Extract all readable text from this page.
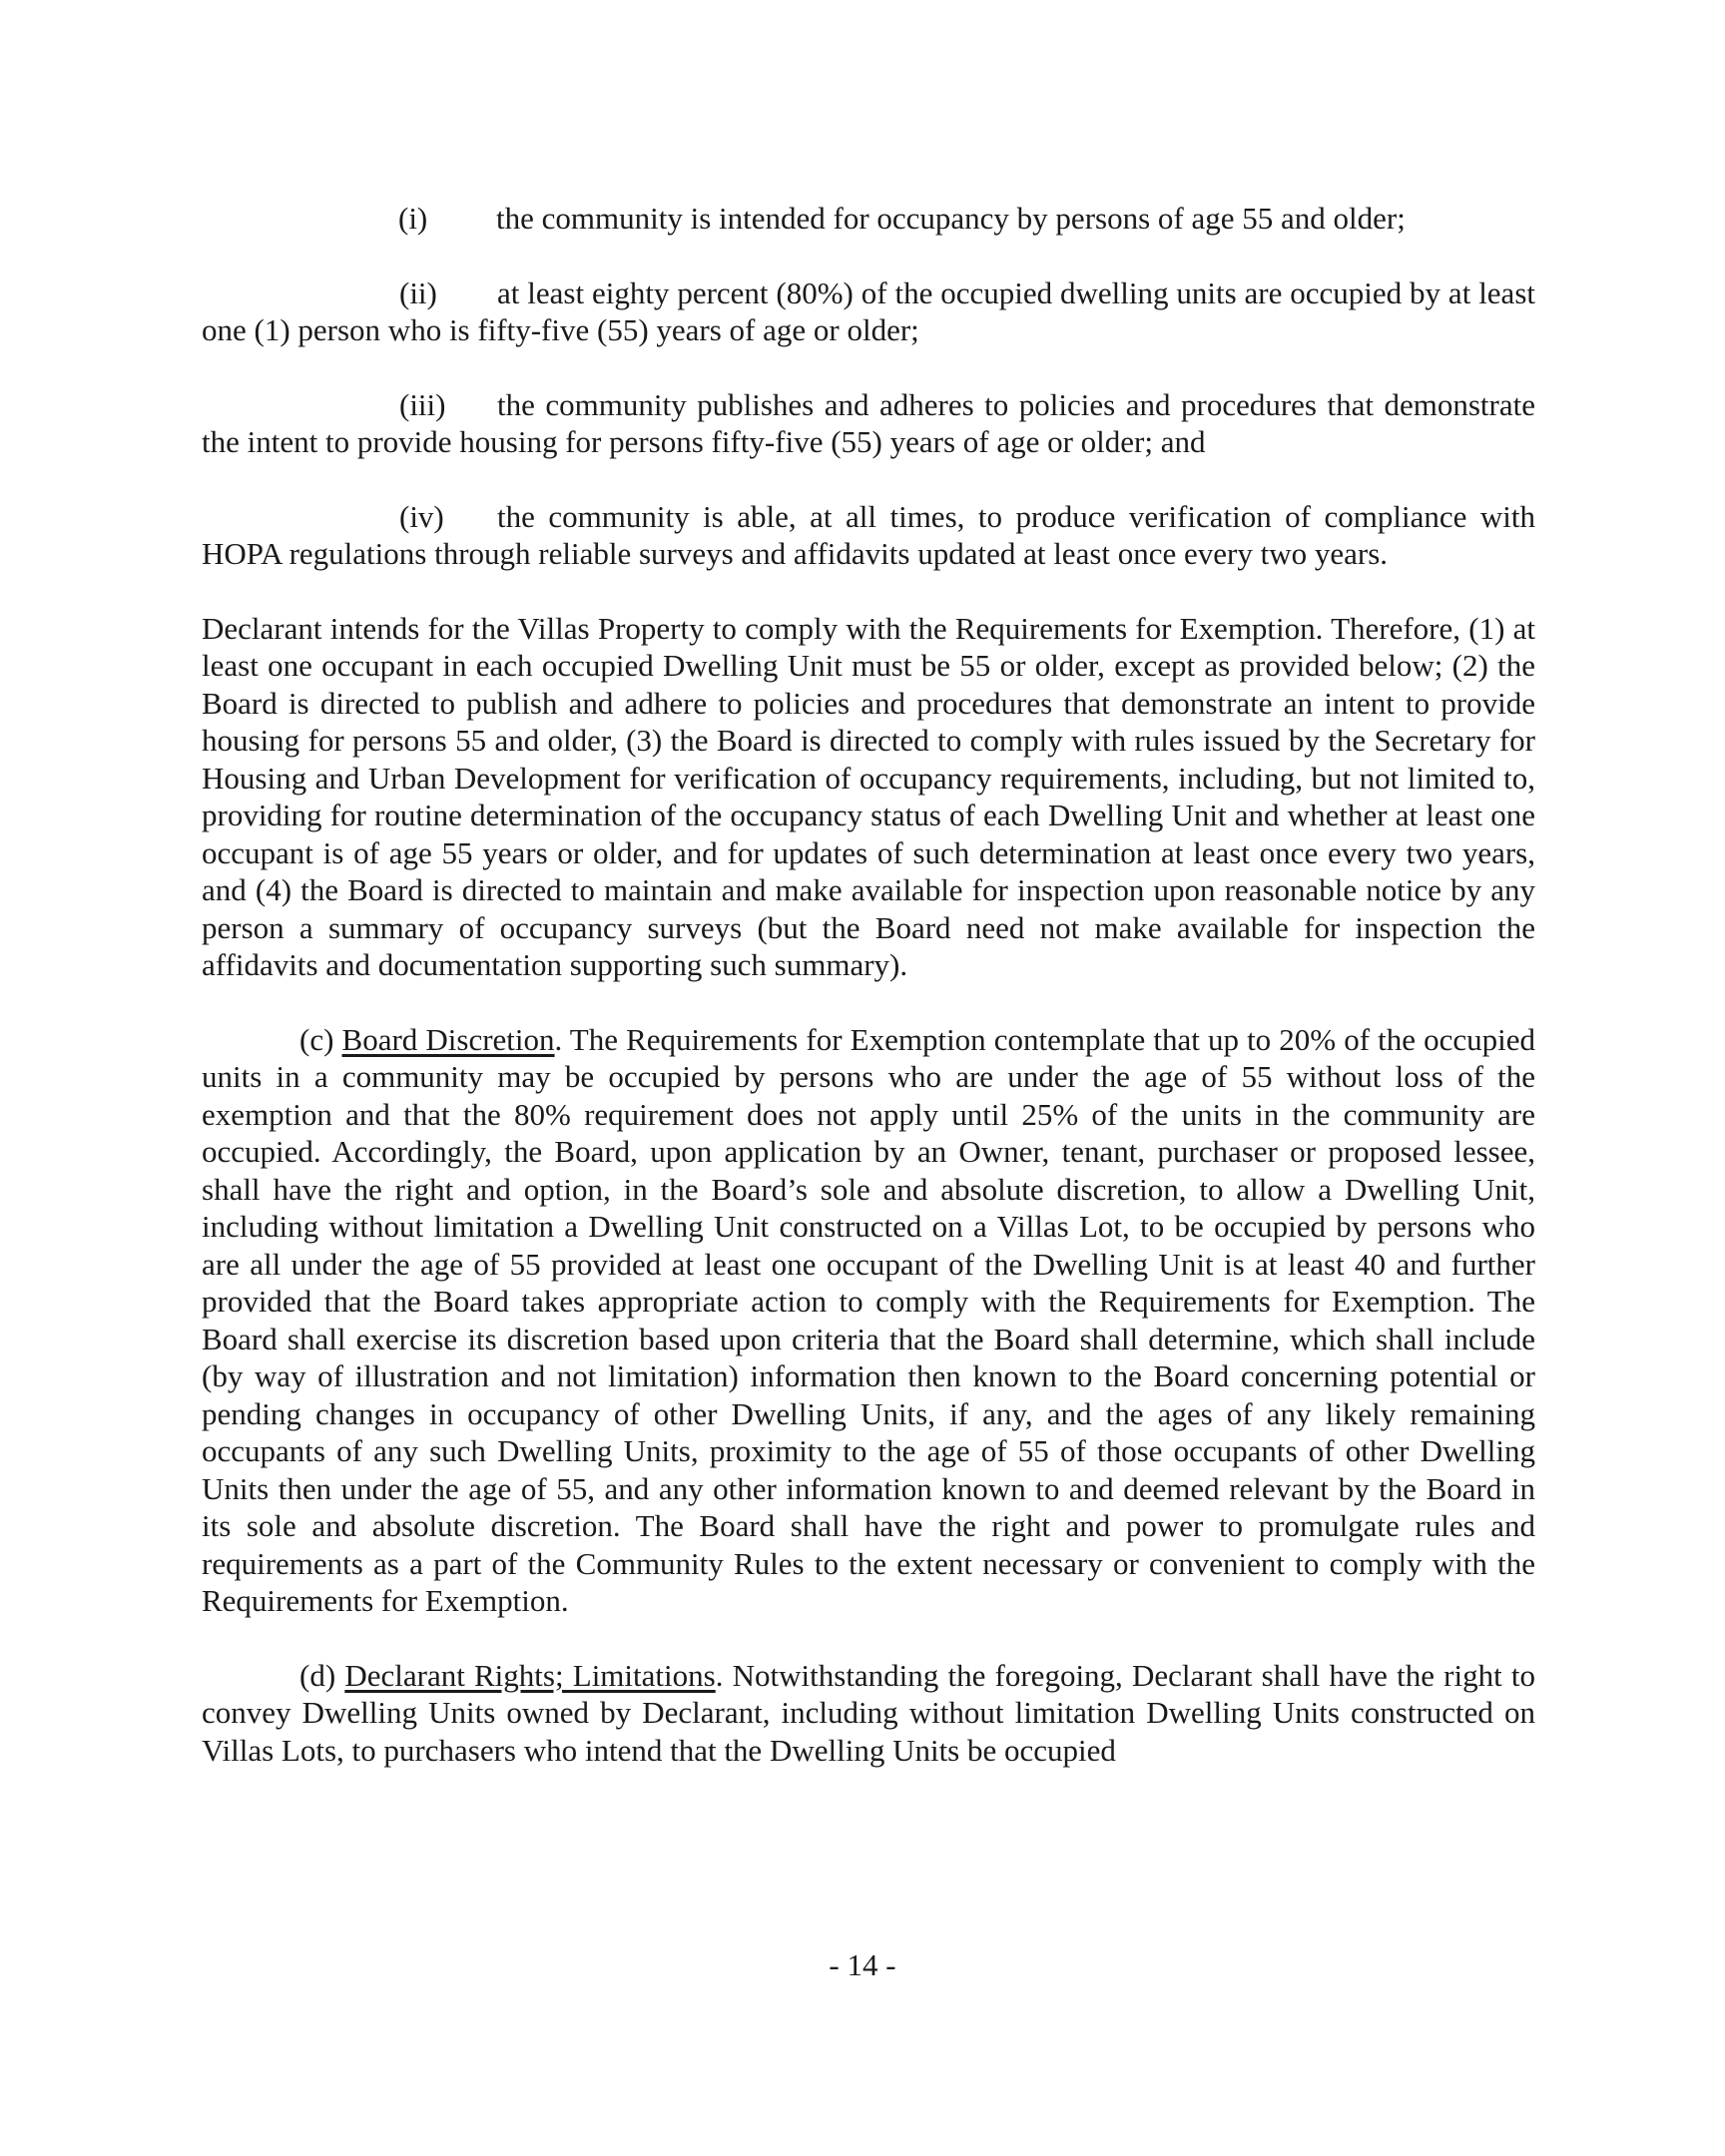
(i) the community is intended for occupancy by persons of age 55 and older;

(ii) at least eighty percent (80%) of the occupied dwelling units are occupied by at least one (1) person who is fifty-five (55) years of age or older;

(iii) the community publishes and adheres to policies and procedures that demonstrate the intent to provide housing for persons fifty-five (55) years of age or older; and

(iv) the community is able, at all times, to produce verification of compliance with HOPA regulations through reliable surveys and affidavits updated at least once every two years.

Declarant intends for the Villas Property to comply with the Requirements for Exemption. Therefore, (1) at least one occupant in each occupied Dwelling Unit must be 55 or older, except as provided below; (2) the Board is directed to publish and adhere to policies and procedures that demonstrate an intent to provide housing for persons 55 and older, (3) the Board is directed to comply with rules issued by the Secretary for Housing and Urban Development for verification of occupancy requirements, including, but not limited to, providing for routine determination of the occupancy status of each Dwelling Unit and whether at least one occupant is of age 55 years or older, and for updates of such determination at least once every two years, and (4) the Board is directed to maintain and make available for inspection upon reasonable notice by any person a summary of occupancy surveys (but the Board need not make available for inspection the affidavits and documentation supporting such summary).

(c) Board Discretion. The Requirements for Exemption contemplate that up to 20% of the occupied units in a community may be occupied by persons who are under the age of 55 without loss of the exemption and that the 80% requirement does not apply until 25% of the units in the community are occupied. Accordingly, the Board, upon application by an Owner, tenant, purchaser or proposed lessee, shall have the right and option, in the Board’s sole and absolute discretion, to allow a Dwelling Unit, including without limitation a Dwelling Unit constructed on a Villas Lot, to be occupied by persons who are all under the age of 55 provided at least one occupant of the Dwelling Unit is at least 40 and further provided that the Board takes appropriate action to comply with the Requirements for Exemption. The Board shall exercise its discretion based upon criteria that the Board shall determine, which shall include (by way of illustration and not limitation) information then known to the Board concerning potential or pending changes in occupancy of other Dwelling Units, if any, and the ages of any likely remaining occupants of any such Dwelling Units, proximity to the age of 55 of those occupants of other Dwelling Units then under the age of 55, and any other information known to and deemed relevant by the Board in its sole and absolute discretion. The Board shall have the right and power to promulgate rules and requirements as a part of the Community Rules to the extent necessary or convenient to comply with the Requirements for Exemption.

(d) Declarant Rights; Limitations. Notwithstanding the foregoing, Declarant shall have the right to convey Dwelling Units owned by Declarant, including without limitation Dwelling Units constructed on Villas Lots, to purchasers who intend that the Dwelling Units be occupied

- 14 -
